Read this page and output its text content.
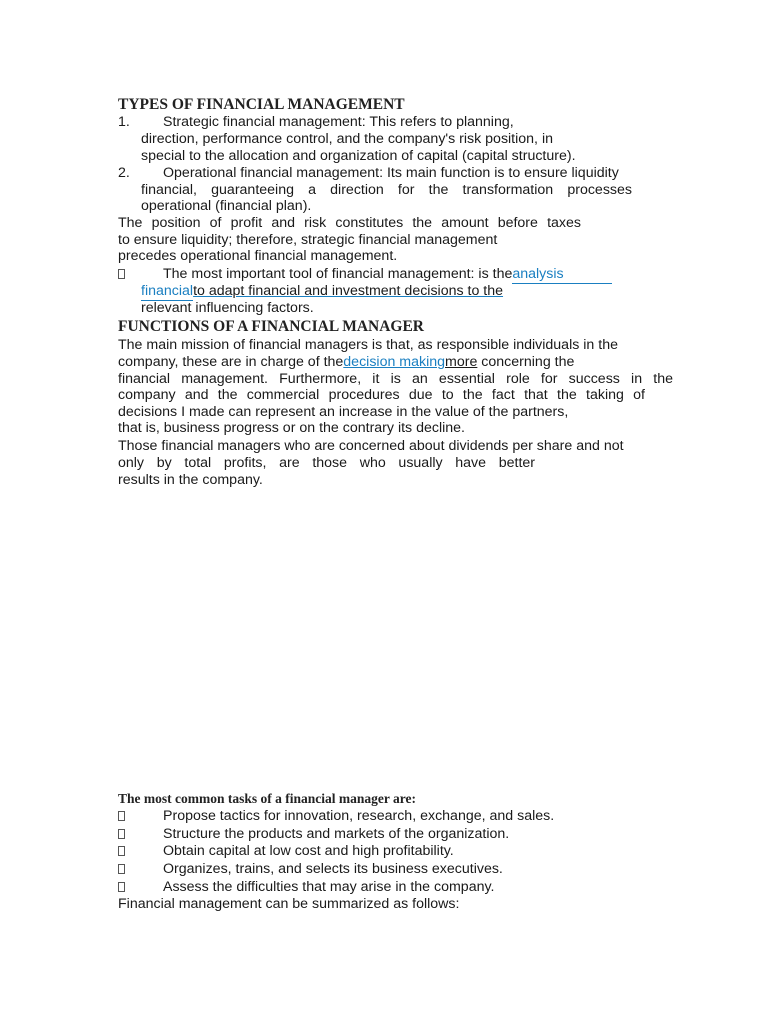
TYPES OF FINANCIAL MANAGEMENT
1. Strategic financial management: This refers to planning,
direction, performance control, and the company's risk position, in
special to the allocation and organization of capital (capital structure).
2. Operational financial management: Its main function is to ensure liquidity
financial, guaranteeing a direction for the transformation processes
operational (financial plan).
The position of profit and risk constitutes the amount before taxes
to ensure liquidity; therefore, strategic financial management
precedes operational financial management.
The most important tool of financial management: is theanalysis
financialto adapt financial and investment decisions to the
relevant influencing factors.
FUNCTIONS OF A FINANCIAL MANAGER
The main mission of financial managers is that, as responsible individuals in the
company, these are in charge of thedecision makingmore concerning the
financial management. Furthermore, it is an essential role for success in the
company and the commercial procedures due to the fact that the taking of
decisions I made can represent an increase in the value of the partners,
that is, business progress or on the contrary its decline.
Those financial managers who are concerned about dividends per share and not
only by total profits, are those who usually have better
results in the company.
The most common tasks of a financial manager are:
Propose tactics for innovation, research, exchange, and sales.
Structure the products and markets of the organization.
Obtain capital at low cost and high profitability.
Organizes, trains, and selects its business executives.
Assess the difficulties that may arise in the company.
Financial management can be summarized as follows:
